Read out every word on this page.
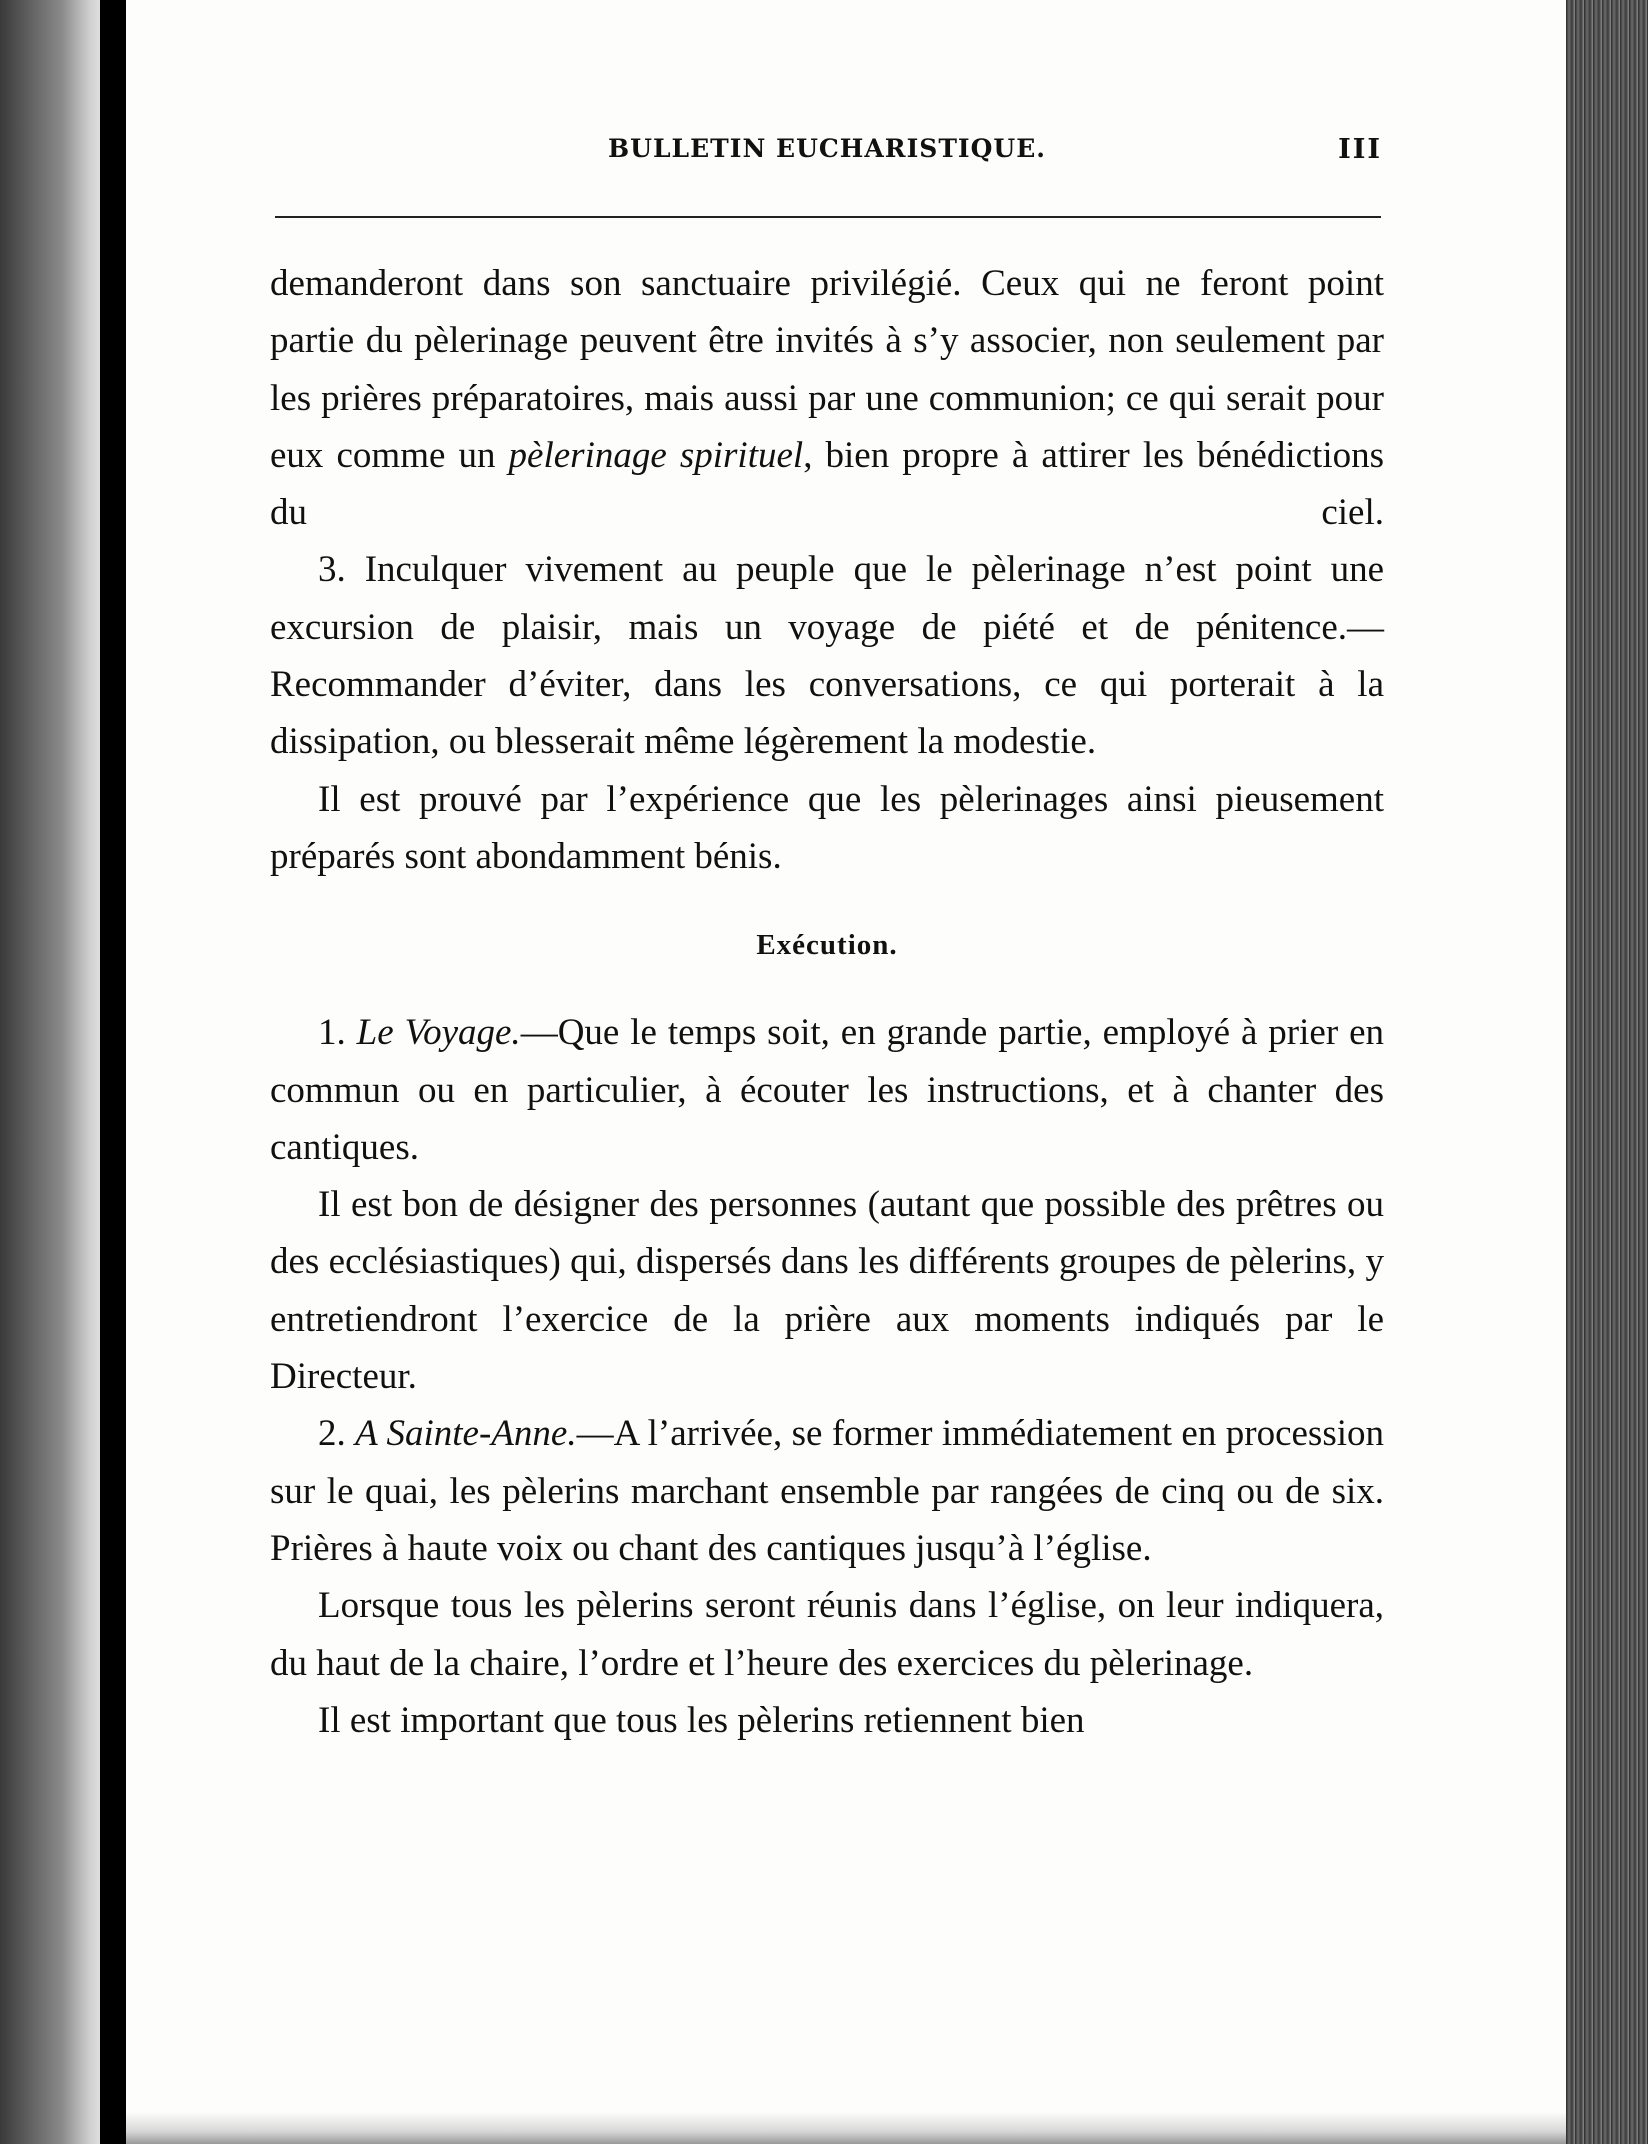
BULLETIN EUCHARISTIQUE.	III

demanderont dans son sanctuaire privilégié. Ceux qui ne feront point partie du pèlerinage peuvent être invités à s’y associer, non seulement par les prières préparatoires, mais aussi par une communion; ce qui serait pour eux comme un pèlerinage spirituel, bien propre à attirer les bénédictions du ciel.

3. Inculquer vivement au peuple que le pèlerinage n’est point une excursion de plaisir, mais un voyage de piété et de pénitence.—Recommander d’éviter, dans les conversations, ce qui porterait à la dissipation, ou blesserait même légèrement la modestie.

Il est prouvé par l’expérience que les pèlerinages ainsi pieusement préparés sont abondamment bénis.

Exécution.

1. Le Voyage.—Que le temps soit, en grande partie, employé à prier en commun ou en particulier, à écouter les instructions, et à chanter des cantiques.

Il est bon de désigner des personnes (autant que possible des prêtres ou des ecclésiastiques) qui, dispersés dans les différents groupes de pèlerins, y entretiendront l’exercice de la prière aux moments indiqués par le Directeur.

2. A Sainte-Anne.—A l’arrivée, se former immédiatement en procession sur le quai, les pèlerins marchant ensemble par rangées de cinq ou de six. Prières à haute voix ou chant des cantiques jusqu’à l’église.

Lorsque tous les pèlerins seront réunis dans l’église, on leur indiquera, du haut de la chaire, l’ordre et l’heure des exercices du pèlerinage.

Il est important que tous les pèlerins retiennent bien
